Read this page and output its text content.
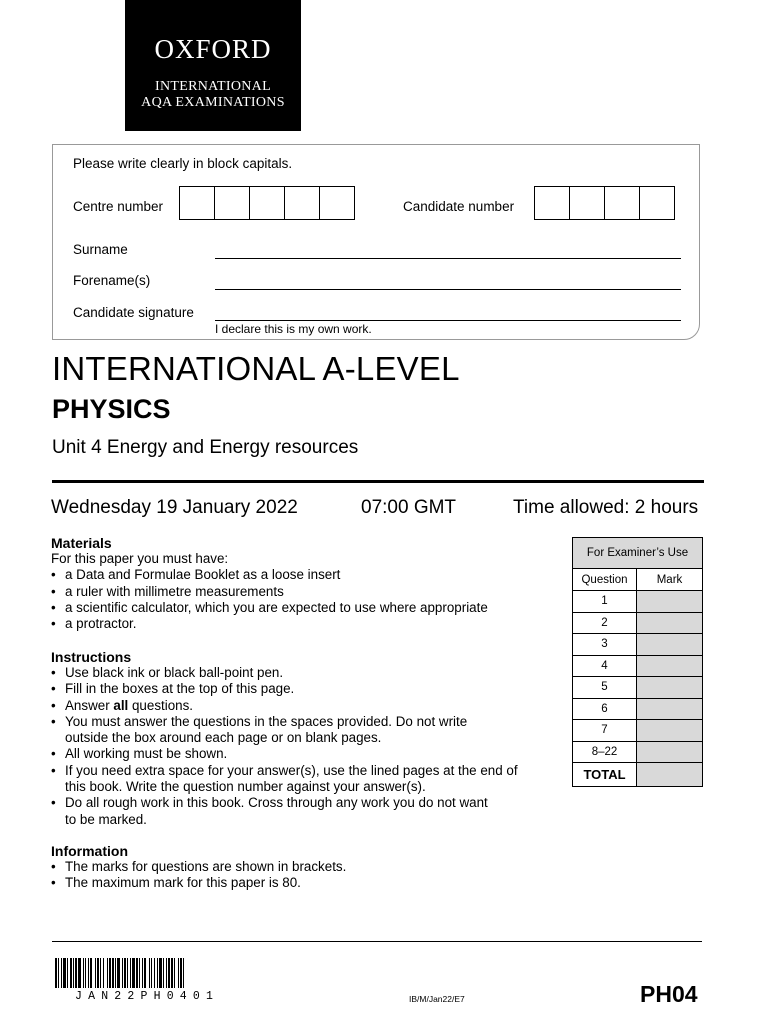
OXFORD
INTERNATIONAL
AQA EXAMINATIONS
Please write clearly in block capitals.
Centre number	Candidate number
Surname
Forename(s)
Candidate signature
I declare this is my own work.
INTERNATIONAL A-LEVEL
PHYSICS
Unit 4 Energy and Energy resources
Wednesday 19 January 2022	07:00 GMT	Time allowed: 2 hours
Materials
For this paper you must have:
• a Data and Formulae Booklet as a loose insert
• a ruler with millimetre measurements
• a scientific calculator, which you are expected to use where appropriate
• a protractor.
Instructions
• Use black ink or black ball-point pen.
• Fill in the boxes at the top of this page.
• Answer all questions.
• You must answer the questions in the spaces provided. Do not write
outside the box around each page or on blank pages.
• All working must be shown.
• If you need extra space for your answer(s), use the lined pages at the end of
this book. Write the question number against your answer(s).
• Do all rough work in this book. Cross through any work you do not want
to be marked.
Information
• The marks for questions are shown in brackets.
• The maximum mark for this paper is 80.
For Examiner’s Use
Question	Mark
1
2
3
4
5
6
7
8–22
TOTAL
JAN22PH0401	IB/M/Jan22/E7	PH04
